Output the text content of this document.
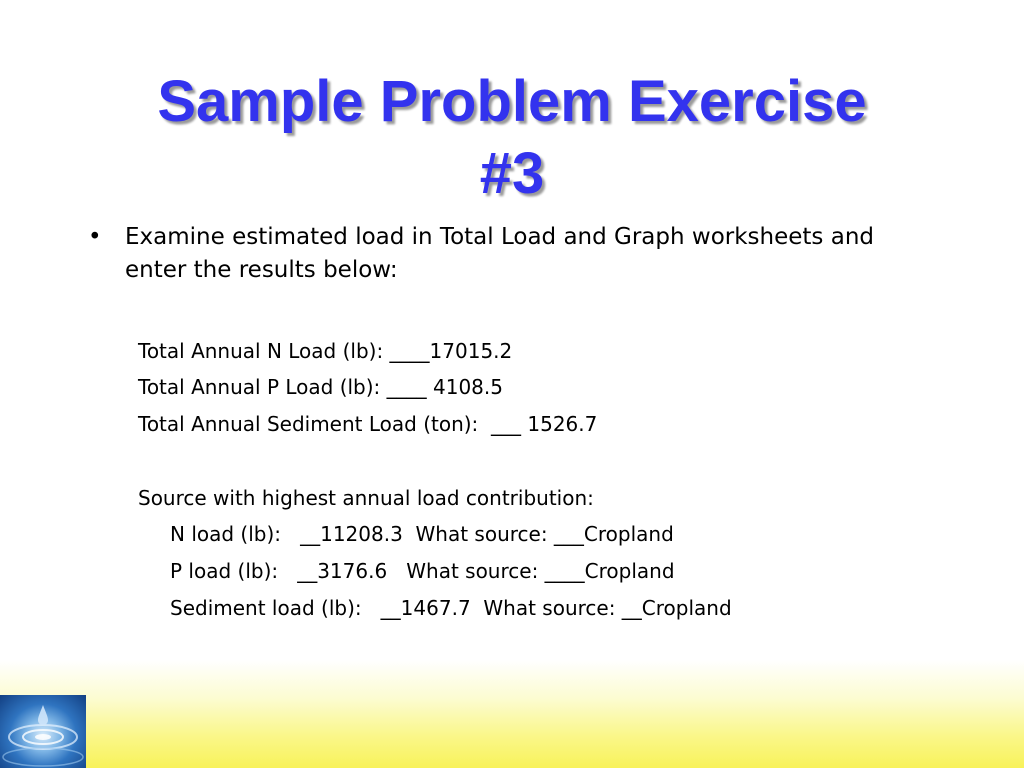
Sample Problem Exercise
#3
• Examine estimated load in Total Load and Graph worksheets and enter the results below:
Total Annual N Load (lb): ____17015.2
Total Annual P Load (lb): ____ 4108.5
Total Annual Sediment Load (ton):  ___ 1526.7
Source with highest annual load contribution:
N load (lb):   __11208.3  What source: ___Cropland
P load (lb):   __3176.6   What source: ____Cropland
Sediment load (lb):   __1467.7  What source: __Cropland
